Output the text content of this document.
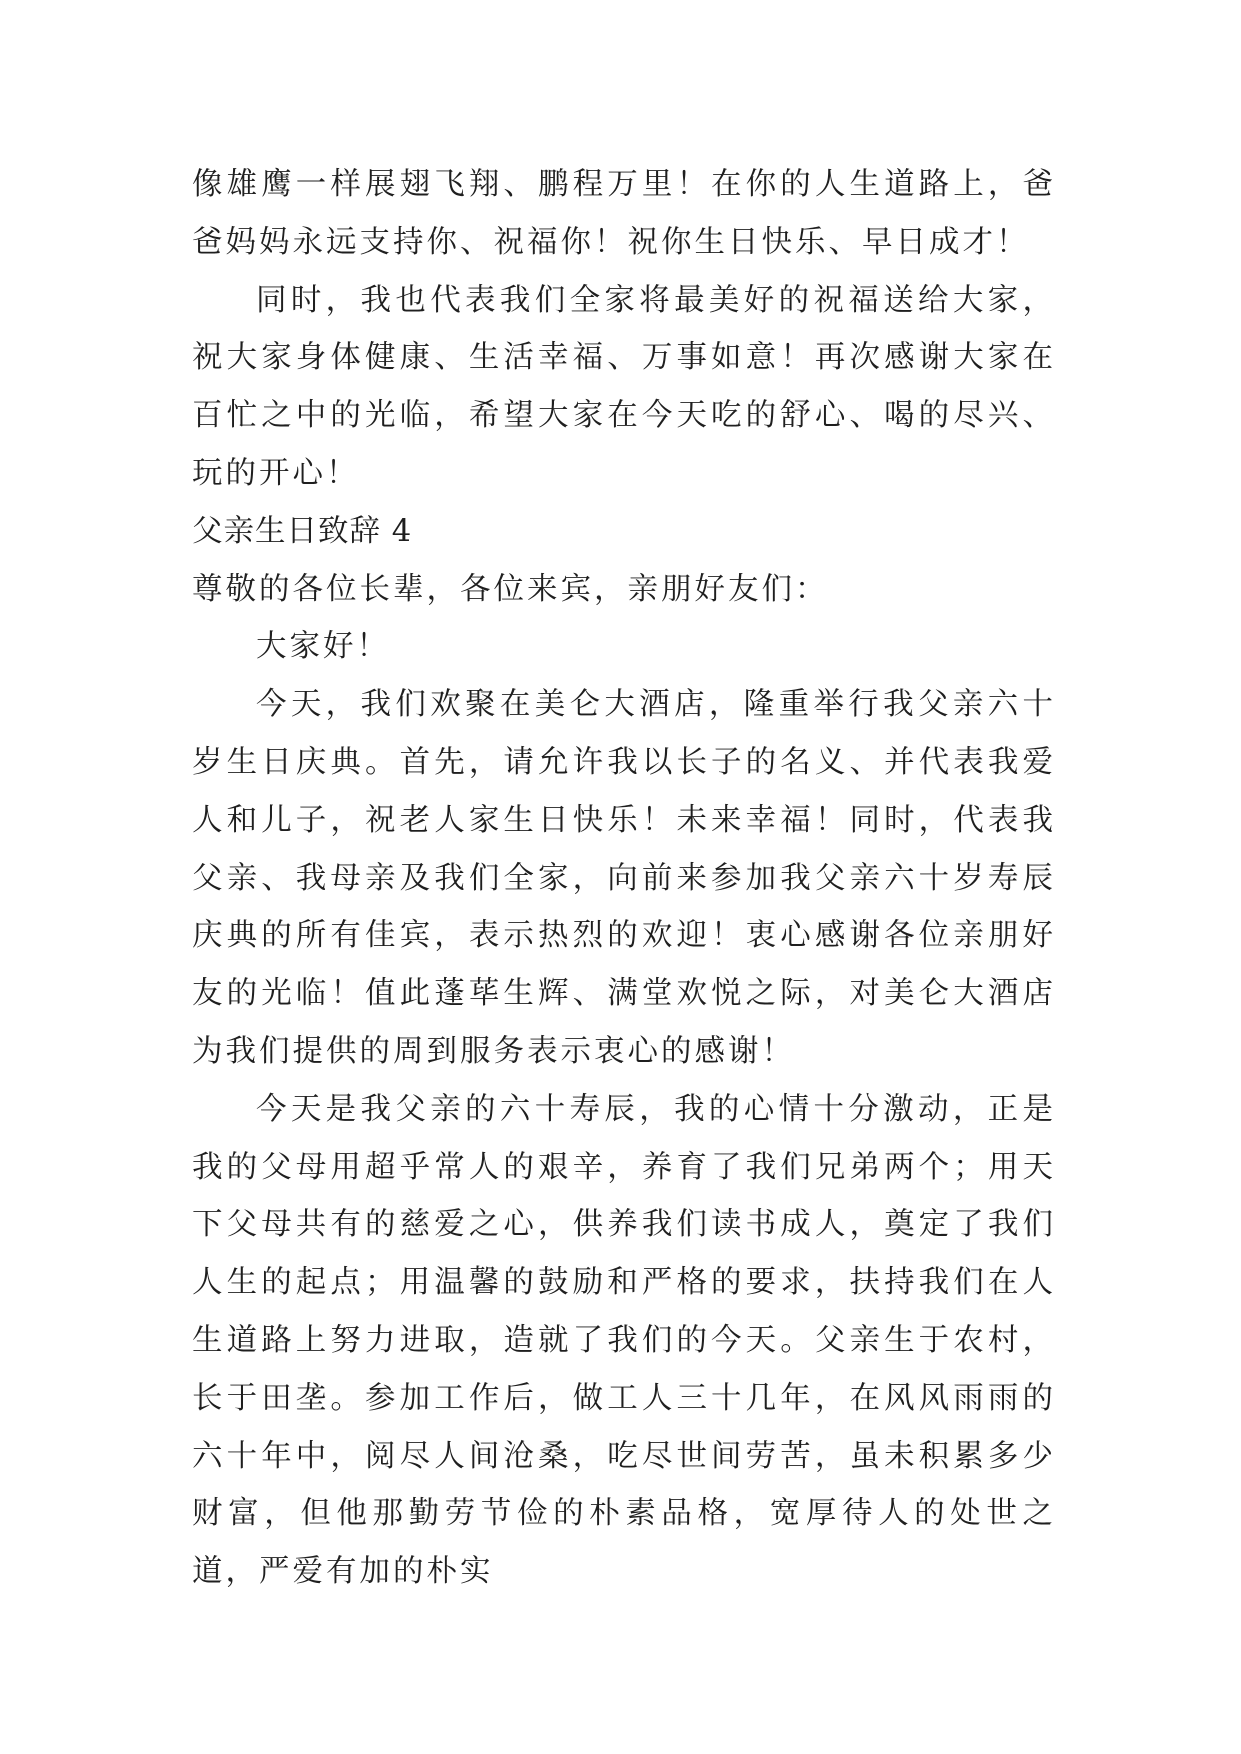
像雄鹰一样展翅飞翔、鹏程万里！在你的人生道路上，爸爸妈妈永远支持你、祝福你！祝你生日快乐、早日成才！

同时，我也代表我们全家将最美好的祝福送给大家，祝大家身体健康、生活幸福、万事如意！再次感谢大家在百忙之中的光临，希望大家在今天吃的舒心、喝的尽兴、玩的开心！

父亲生日致辞 4

尊敬的各位长辈，各位来宾，亲朋好友们：

大家好！

今天，我们欢聚在美仑大酒店，隆重举行我父亲六十岁生日庆典。首先，请允许我以长子的名义、并代表我爱人和儿子，祝老人家生日快乐！未来幸福！同时，代表我父亲、我母亲及我们全家，向前来参加我父亲六十岁寿辰庆典的所有佳宾，表示热烈的欢迎！衷心感谢各位亲朋好友的光临！值此蓬荜生辉、满堂欢悦之际，对美仑大酒店为我们提供的周到服务表示衷心的感谢！

今天是我父亲的六十寿辰，我的心情十分激动，正是我的父母用超乎常人的艰辛，养育了我们兄弟两个；用天下父母共有的慈爱之心，供养我们读书成人，奠定了我们人生的起点；用温馨的鼓励和严格的要求，扶持我们在人生道路上努力进取，造就了我们的今天。父亲生于农村，长于田垄。参加工作后，做工人三十几年，在风风雨雨的六十年中，阅尽人间沧桑，吃尽世间劳苦，虽未积累多少财富，但他那勤劳节俭的朴素品格，宽厚待人的处世之道，严爱有加的朴实
